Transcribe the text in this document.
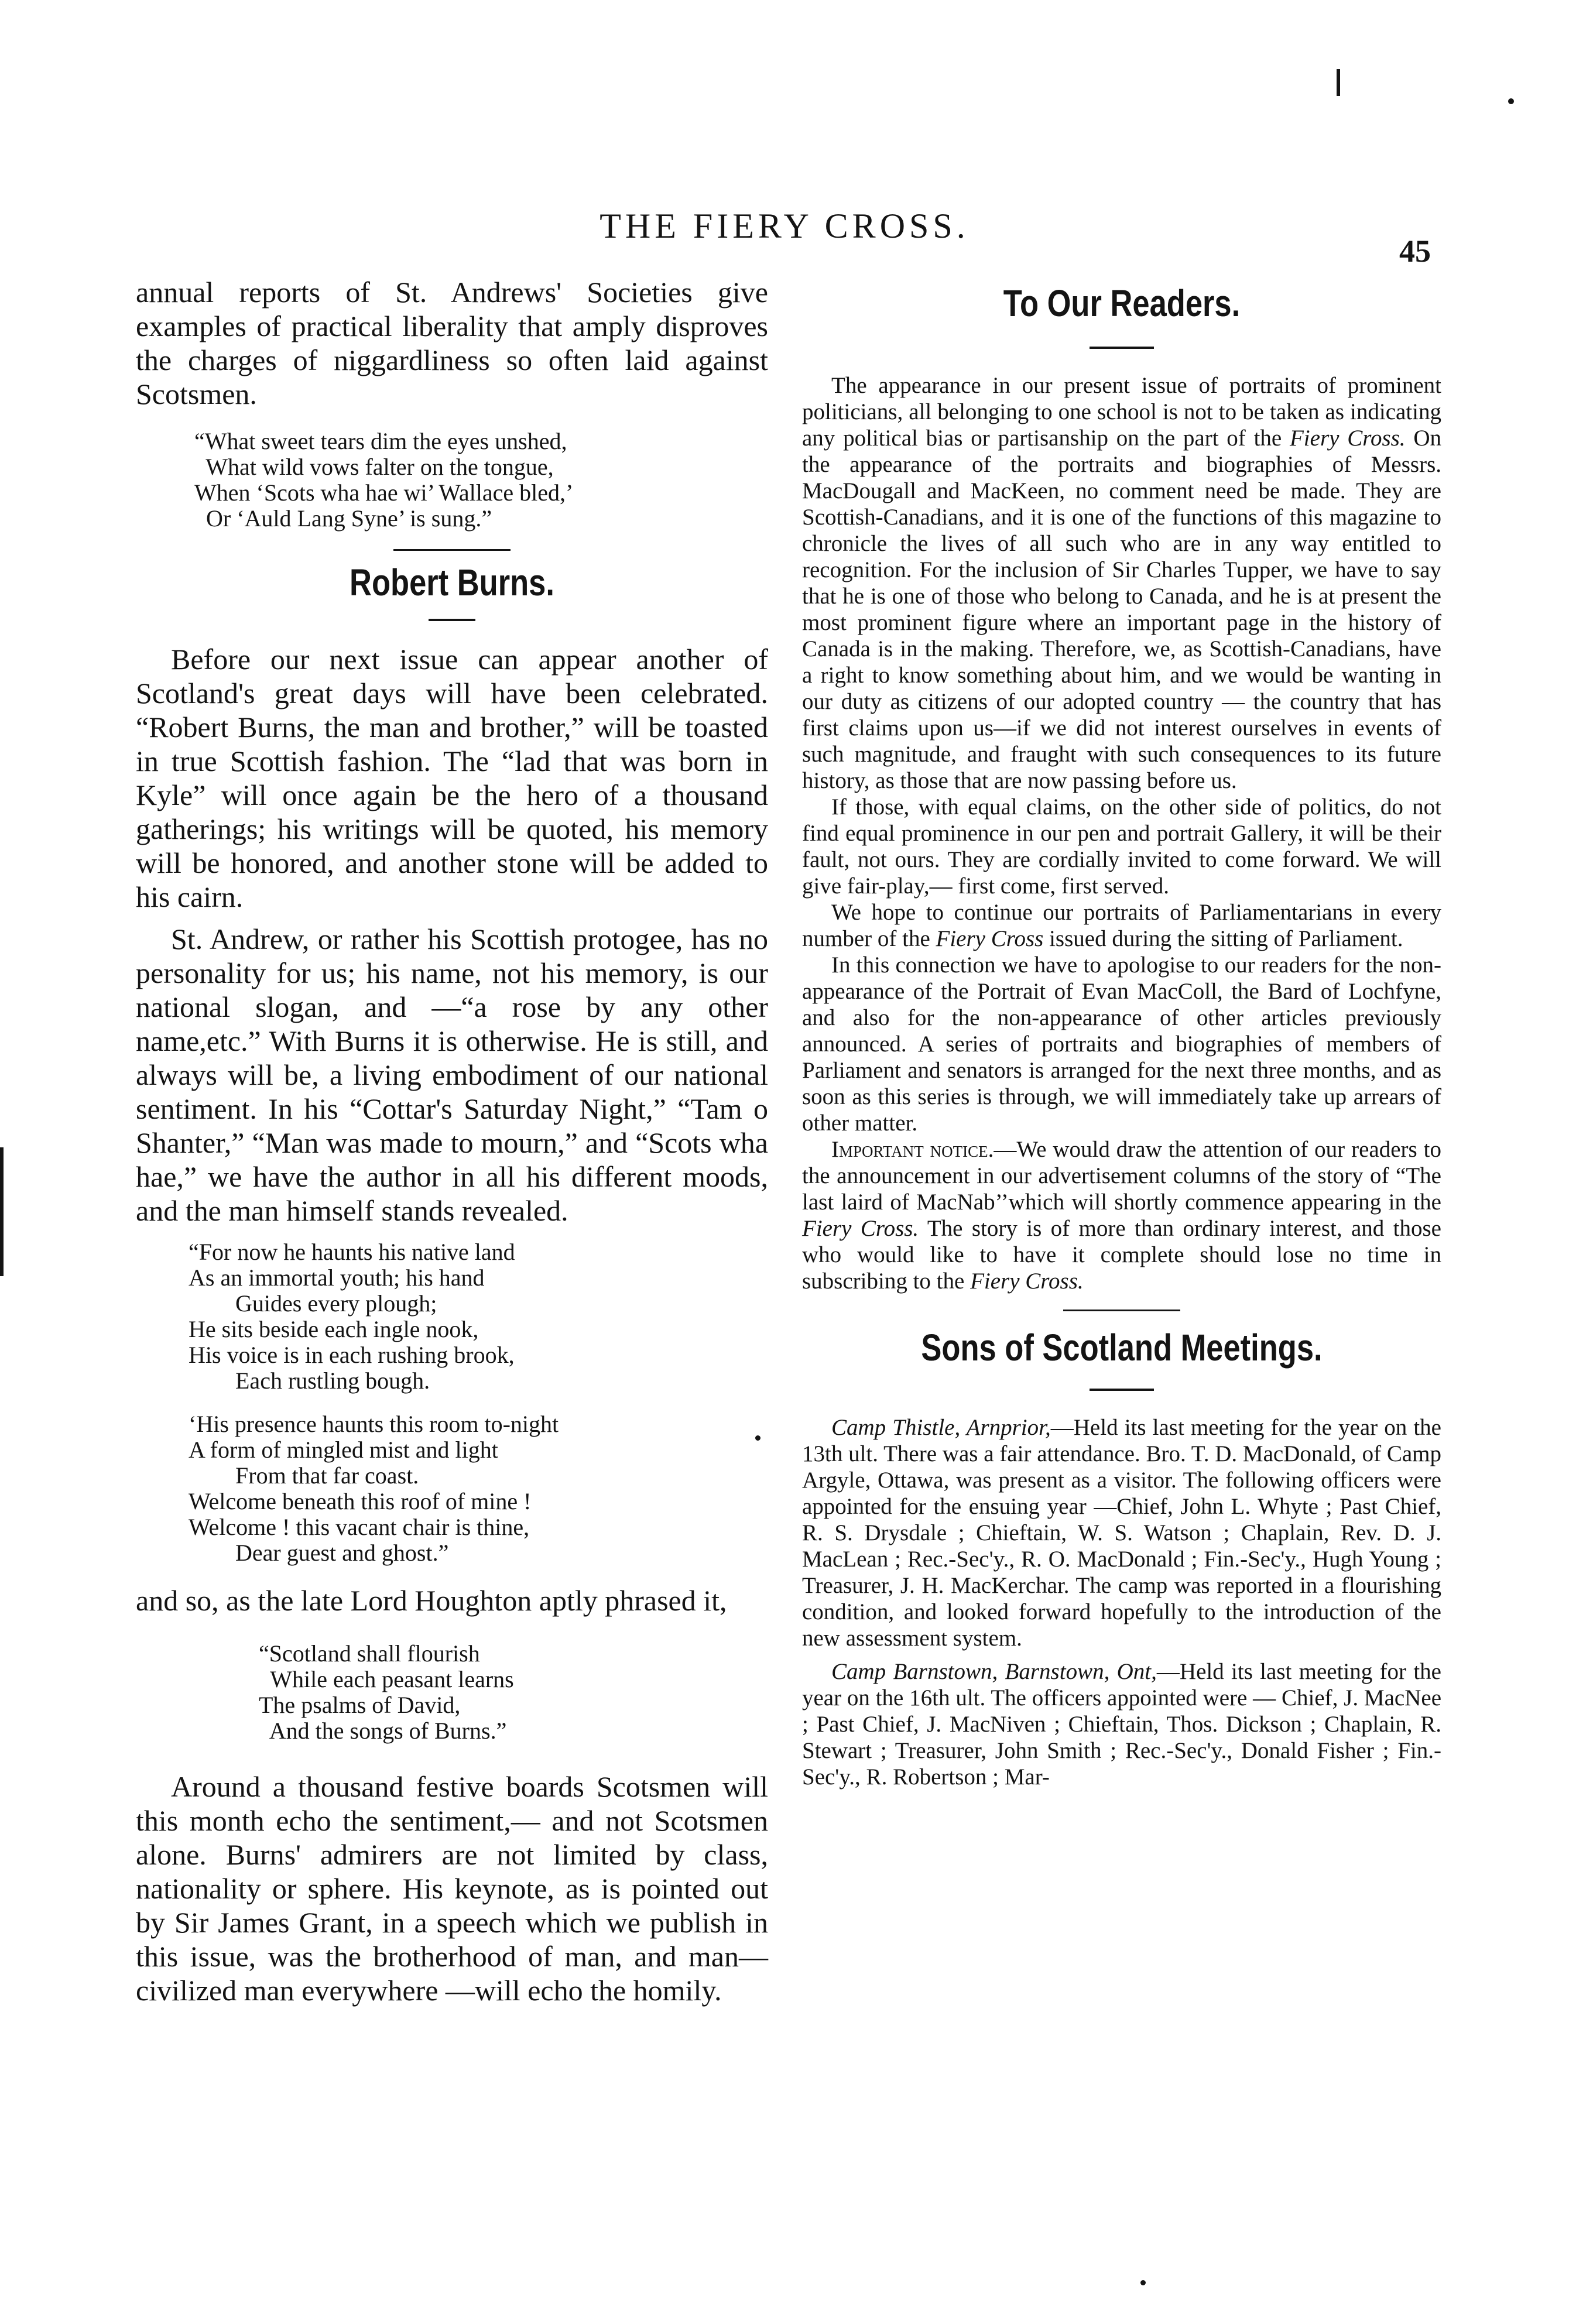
THE FIERY CROSS.
45

annual reports of St. Andrews' Societies give examples of practical liberality that amply disproves the charges of niggardliness so often laid against Scotsmen.

“What sweet tears dim the eyes unshed,
What wild vows falter on the tongue,
When ‘Scots wha hae wi’ Wallace bled,’
Or ‘Auld Lang Syne’ is sung.”
Robert Burns.

Before our next issue can appear another of Scotland's great days will have been celebrated. “Robert Burns, the man and brother,” will be toasted in true Scottish fashion. The “lad that was born in Kyle” will once again be the hero of a thousand gatherings; his writings will be quoted, his memory will be honored, and another stone will be added to his cairn.

St. Andrew, or rather his Scottish protogee, has no personality for us; his name, not his memory, is our national slogan, and —“a rose by any other name,etc.” With Burns it is otherwise. He is still, and always will be, a living embodiment of our national sentiment. In his “Cottar's Saturday Night,” “Tam o Shanter,” “Man was made to mourn,” and “Scots wha hae,” we have the author in all his different moods, and the man himself stands revealed.

“For now he haunts his native land
As an immortal youth; his hand
Guides every plough;
He sits beside each ingle nook,
His voice is in each rushing brook,
Each rustling bough.
‘His presence haunts this room to-night
A form of mingled mist and light
From that far coast.
Welcome beneath this roof of mine !
Welcome ! this vacant chair is thine,
Dear guest and ghost.”

and so, as the late Lord Houghton aptly phrased it,

“Scotland shall flourish
While each peasant learns
The psalms of David,
And the songs of Burns.”

Around a thousand festive boards Scotsmen will this month echo the sentiment,— and not Scotsmen alone. Burns' admirers are not limited by class, nationality or sphere. His keynote, as is pointed out by Sir James Grant, in a speech which we publish in this issue, was the brotherhood of man, and man—civilized man everywhere —will echo the homily.

To Our Readers.

The appearance in our present issue of portraits of prominent politicians, all belonging to one school is not to be taken as indicating any political bias or partisanship on the part of the Fiery Cross. On the appearance of the portraits and biographies of Messrs. MacDougall and MacKeen, no comment need be made. They are Scottish-Canadians, and it is one of the functions of this magazine to chronicle the lives of all such who are in any way entitled to recognition. For the inclusion of Sir Charles Tupper, we have to say that he is one of those who belong to Canada, and he is at present the most prominent figure where an important page in the history of Canada is in the making. Therefore, we, as Scottish-Canadians, have a right to know something about him, and we would be wanting in our duty as citizens of our adopted country — the country that has first claims upon us—if we did not interest ourselves in events of such magnitude, and fraught with such consequences to its future history, as those that are now passing before us.

If those, with equal claims, on the other side of politics, do not find equal prominence in our pen and portrait Gallery, it will be their fault, not ours. They are cordially invited to come forward. We will give fair-play,— first come, first served.

We hope to continue our portraits of Parliamentarians in every number of the Fiery Cross issued during the sitting of Parliament.

In this connection we have to apologise to our readers for the non-appearance of the Portrait of Evan MacColl, the Bard of Lochfyne, and also for the non-appearance of other articles previously announced. A series of portraits and biographies of members of Parliament and senators is arranged for the next three months, and as soon as this series is through, we will immediately take up arrears of other matter.

Important notice.—We would draw the attention of our readers to the announcement in our advertisement columns of the story of “The last laird of MacNab’’which will shortly commence appearing in the Fiery Cross. The story is of more than ordinary interest, and those who would like to have it complete should lose no time in subscribing to the Fiery Cross.

Sons of Scotland Meetings.

Camp Thistle, Arnprior,—Held its last meeting for the year on the 13th ult. There was a fair attendance. Bro. T. D. MacDonald, of Camp Argyle, Ottawa, was present as a visitor. The following officers were appointed for the ensuing year —Chief, John L. Whyte ; Past Chief, R. S. Drysdale ; Chieftain, W. S. Watson ; Chaplain, Rev. D. J. MacLean ; Rec.-Sec'y., R. O. MacDonald ; Fin.-Sec'y., Hugh Young ; Treasurer, J. H. MacKerchar. The camp was reported in a flourishing condition, and looked forward hopefully to the introduction of the new assessment system.

Camp Barnstown, Barnstown, Ont,—Held its last meeting for the year on the 16th ult. The officers appointed were — Chief, J. MacNee ; Past Chief, J. MacNiven ; Chieftain, Thos. Dickson ; Chaplain, R. Stewart ; Treasurer, John Smith ; Rec.-Sec'y., Donald Fisher ; Fin.-Sec'y., R. Robertson ; Mar-
